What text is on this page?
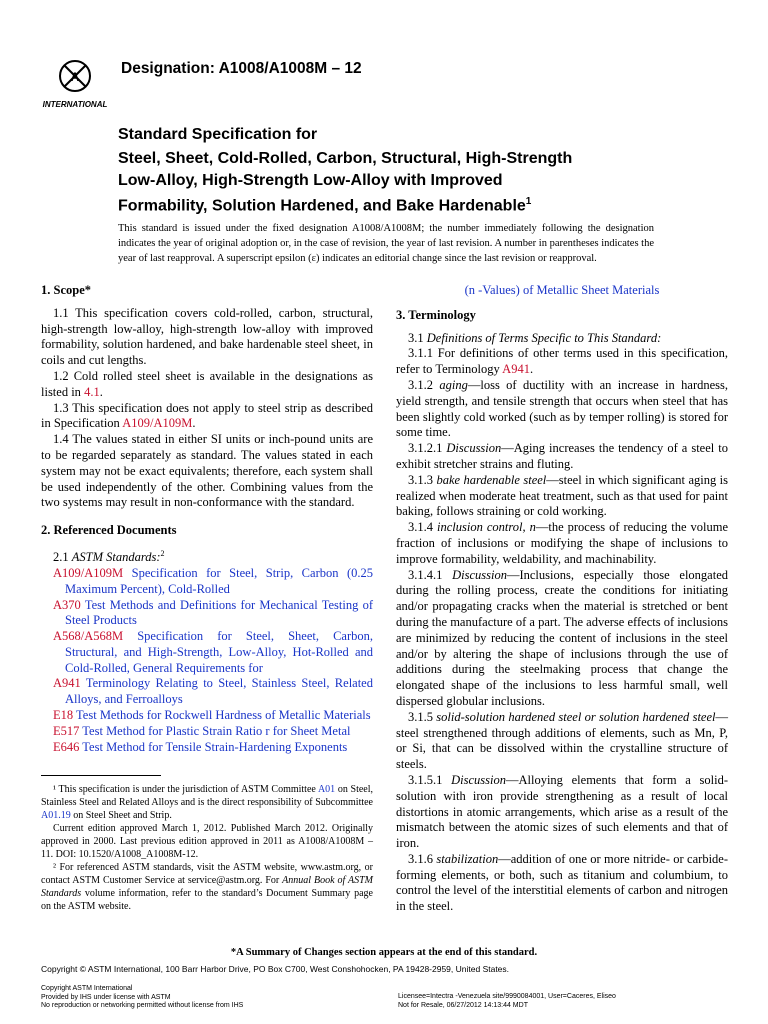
A
INTERNATIONAL
Designation: A1008/A1008M – 12
Standard Specification for
Steel, Sheet, Cold-Rolled, Carbon, Structural, High-Strength
Low-Alloy, High-Strength Low-Alloy with Improved
Formability, Solution Hardened, and Bake Hardenable$^1$
This standard is issued under the fixed designation A1008/A1008M; the number immediately following the designation indicates the year of original adoption or, in the case of revision, the year of last revision. A number in parentheses indicates the year of last reapproval. A superscript epsilon (ε) indicates an editorial change since the last revision or reapproval.
1. Scope*

1.1 This specification covers cold-rolled, carbon, structural, high-strength low-alloy, high-strength low-alloy with improved formability, solution hardened, and bake hardenable steel sheet, in coils and cut lengths.

1.2 Cold rolled steel sheet is available in the designations as listed in 4.1.

1.3 This specification does not apply to steel strip as described in Specification A109/A109M.

1.4 The values stated in either SI units or inch-pound units are to be regarded separately as standard. The values stated in each system may not be exact equivalents; therefore, each system shall be used independently of the other. Combining values from the two systems may result in non-conformance with the standard.

2. Referenced Documents

2.1 ASTM Standards:$^2$

A109/A109M Specification for Steel, Strip, Carbon (0.25 Maximum Percent), Cold-Rolled

A370 Test Methods and Definitions for Mechanical Testing of Steel Products

A568/A568M Specification for Steel, Sheet, Carbon, Structural, and High-Strength, Low-Alloy, Hot-Rolled and Cold-Rolled, General Requirements for

A941 Terminology Relating to Steel, Stainless Steel, Related Alloys, and Ferroalloys

E18 Test Methods for Rockwell Hardness of Metallic Materials

E517 Test Method for Plastic Strain Ratio r for Sheet Metal

E646 Test Method for Tensile Strain-Hardening Exponents

(n -Values) of Metallic Sheet Materials
3. Terminology

3.1 Definitions of Terms Specific to This Standard:

3.1.1 For definitions of other terms used in this specification, refer to Terminology A941.

3.1.2 aging—loss of ductility with an increase in hardness, yield strength, and tensile strength that occurs when steel that has been slightly cold worked (such as by temper rolling) is stored for some time.

3.1.2.1 Discussion—Aging increases the tendency of a steel to exhibit stretcher strains and fluting.

3.1.3 bake hardenable steel—steel in which significant aging is realized when moderate heat treatment, such as that used for paint baking, follows straining or cold working.

3.1.4 inclusion control, n—the process of reducing the volume fraction of inclusions or modifying the shape of inclusions to improve formability, weldability, and machinability.

3.1.4.1 Discussion—Inclusions, especially those elongated during the rolling process, create the conditions for initiating and/or propagating cracks when the material is stretched or bent during the manufacture of a part. The adverse effects of inclusions are minimized by reducing the content of inclusions in the steel and/or by altering the shape of inclusions through the use of additions during the steelmaking process that change the elongated shape of the inclusions to less harmful small, well dispersed globular inclusions.

3.1.5 solid-solution hardened steel or solution hardened steel—steel strengthened through additions of elements, such as Mn, P, or Si, that can be dissolved within the crystalline structure of steels.

3.1.5.1 Discussion—Alloying elements that form a solid-solution with iron provide strengthening as a result of local distortions in atomic arrangements, which arise as a result of the mismatch between the atomic sizes of such elements and that of iron.

3.1.6 stabilization—addition of one or more nitride- or carbide-forming elements, or both, such as titanium and columbium, to control the level of the interstitial elements of carbon and nitrogen in the steel.

¹ This specification is under the jurisdiction of ASTM Committee A01 on Steel, Stainless Steel and Related Alloys and is the direct responsibility of Subcommittee A01.19 on Steel Sheet and Strip.

Current edition approved March 1, 2012. Published March 2012. Originally approved in 2000. Last previous edition approved in 2011 as A1008/A1008M – 11. DOI: 10.1520/A1008_A1008M-12.

² For referenced ASTM standards, visit the ASTM website, www.astm.org, or contact ASTM Customer Service at service@astm.org. For Annual Book of ASTM Standards volume information, refer to the standard’s Document Summary page on the ASTM website.

*A Summary of Changes section appears at the end of this standard.
Copyright © ASTM International, 100 Barr Harbor Drive, PO Box C700, West Conshohocken, PA 19428-2959, United States.
Copyright ASTM International
Provided by IHS under license with ASTM
No reproduction or networking permitted without license from IHS
Licensee=Intectra -Venezuela site/9990084001, User=Caceres, Eliseo
Not for Resale, 06/27/2012 14:13:44 MDT
